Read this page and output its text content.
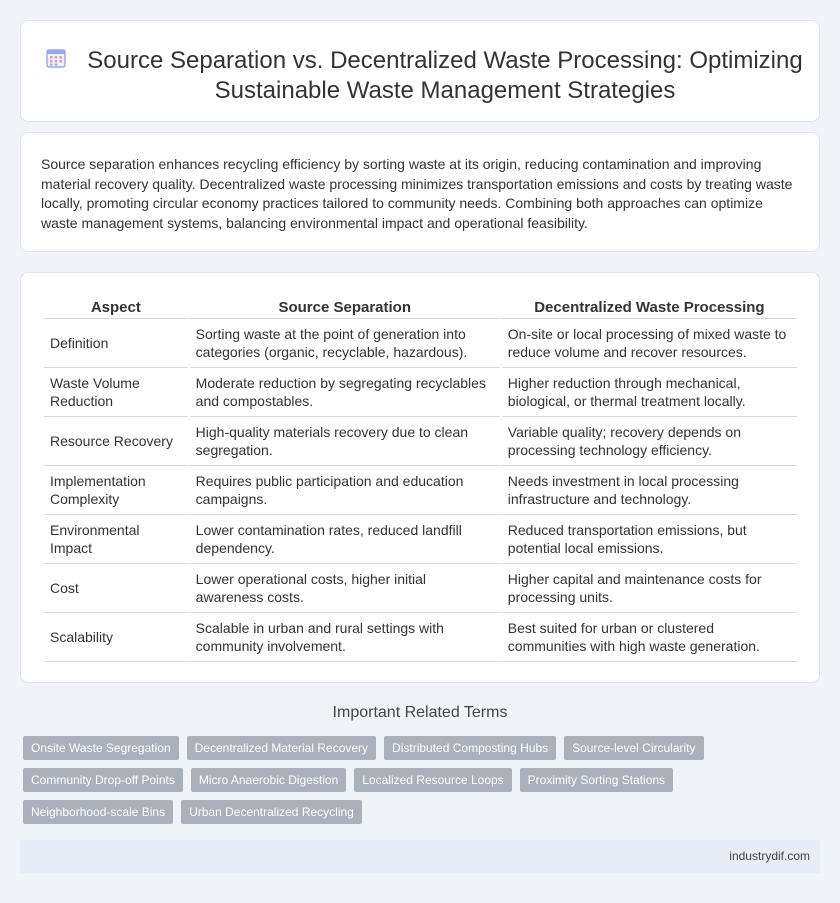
Source Separation vs. Decentralized Waste Processing: Optimizing
Sustainable Waste Management Strategies

Source separation enhances recycling efficiency by sorting waste at its origin, reducing contamination and improving material recovery quality. Decentralized waste processing minimizes transportation emissions and costs by treating waste locally, promoting circular economy practices tailored to community needs. Combining both approaches can optimize waste management systems, balancing environmental impact and operational feasibility.

Aspect	Source Separation	Decentralized Waste Processing
Definition	Sorting waste at the point of generation into categories (organic, recyclable, hazardous).	On-site or local processing of mixed waste to reduce volume and recover resources.
Waste Volume Reduction	Moderate reduction by segregating recyclables and compostables.	Higher reduction through mechanical, biological, or thermal treatment locally.
Resource Recovery	High-quality materials recovery due to clean segregation.	Variable quality; recovery depends on processing technology efficiency.
Implementation Complexity	Requires public participation and education campaigns.	Needs investment in local processing infrastructure and technology.
Environmental Impact	Lower contamination rates, reduced landfill dependency.	Reduced transportation emissions, but potential local emissions.
Cost	Lower operational costs, higher initial awareness costs.	Higher capital and maintenance costs for processing units.
Scalability	Scalable in urban and rural settings with community involvement.	Best suited for urban or clustered communities with high waste generation.
Important Related Terms
Onsite Waste Segregation	Decentralized Material Recovery	Distributed Composting Hubs	Source-level Circularity
Community Drop-off Points	Micro Anaerobic Digestion	Localized Resource Loops	Proximity Sorting Stations
Neighborhood-scale Bins	Urban Decentralized Recycling
industrydif.com
